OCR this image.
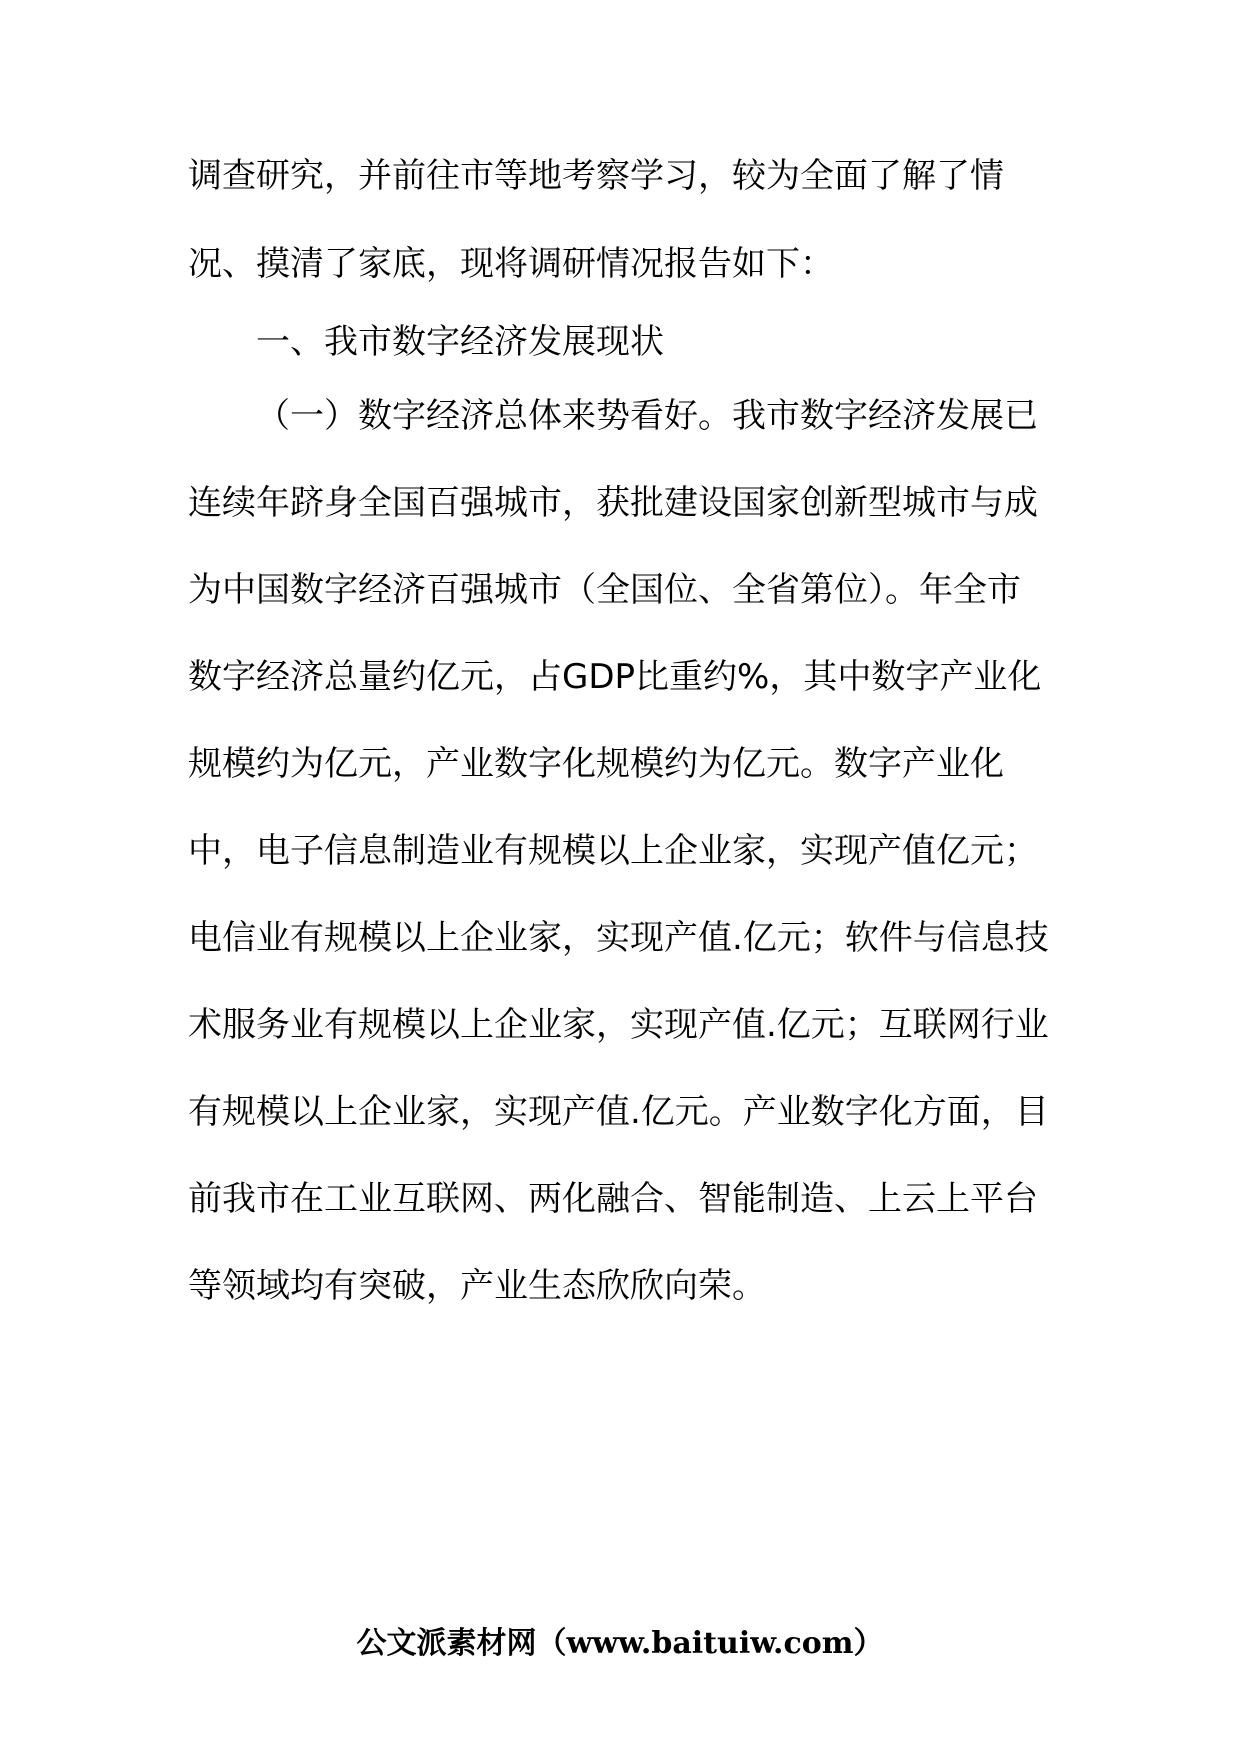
调查研究，并前往市等地考察学习，较为全面了解了情
况、摸清了家底，现将调研情况报告如下：
一、我市数字经济发展现状
（一）数字经济总体来势看好。我市数字经济发展已
连续年跻身全国百强城市，获批建设国家创新型城市与成
为中国数字经济百强城市（全国位、全省第位）。年全市
数字经济总量约亿元，占GDP比重约%，其中数字产业化
规模约为亿元，产业数字化规模约为亿元。数字产业化
中，电子信息制造业有规模以上企业家，实现产值亿元；
电信业有规模以上企业家，实现产值.亿元；软件与信息技
术服务业有规模以上企业家，实现产值.亿元；互联网行业
有规模以上企业家，实现产值.亿元。产业数字化方面，目
前我市在工业互联网、两化融合、智能制造、上云上平台
等领域均有突破，产业生态欣欣向荣。
公文派素材网（www.baituiw.com）
